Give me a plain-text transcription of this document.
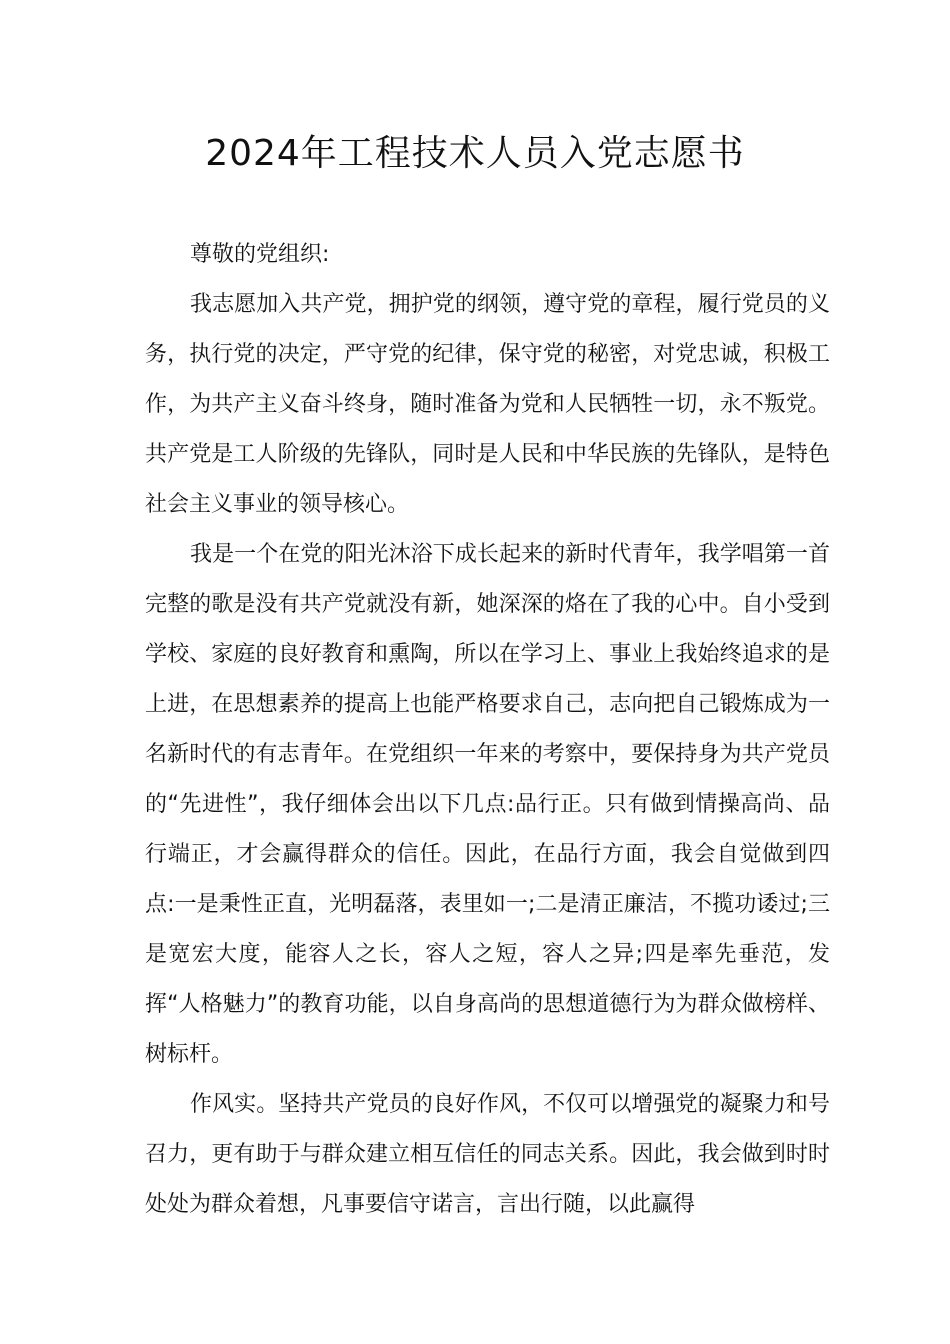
2024年工程技术人员入党志愿书

尊敬的党组织:

我志愿加入共产党，拥护党的纲领，遵守党的章程，履行党员的义务，执行党的决定，严守党的纪律，保守党的秘密，对党忠诚，积极工作，为共产主义奋斗终身，随时准备为党和人民牺牲一切，永不叛党。共产党是工人阶级的先锋队，同时是人民和中华民族的先锋队，是特色社会主义事业的领导核心。

我是一个在党的阳光沐浴下成长起来的新时代青年，我学唱第一首完整的歌是没有共产党就没有新，她深深的烙在了我的心中。自小受到学校、家庭的良好教育和熏陶，所以在学习上、事业上我始终追求的是上进，在思想素养的提高上也能严格要求自己，志向把自己锻炼成为一名新时代的有志青年。在党组织一年来的考察中，要保持身为共产党员的“先进性”，我仔细体会出以下几点:品行正。只有做到情操高尚、品行端正，才会赢得群众的信任。因此，在品行方面，我会自觉做到四点:一是秉性正直，光明磊落，表里如一;二是清正廉洁，不揽功诿过;三是宽宏大度，能容人之长，容人之短，容人之异;四是率先垂范，发挥“人格魅力”的教育功能，以自身高尚的思想道德行为为群众做榜样、树标杆。

作风实。坚持共产党员的良好作风，不仅可以增强党的凝聚力和号召力，更有助于与群众建立相互信任的同志关系。因此，我会做到时时处处为群众着想，凡事要信守诺言，言出行随，以此赢得
